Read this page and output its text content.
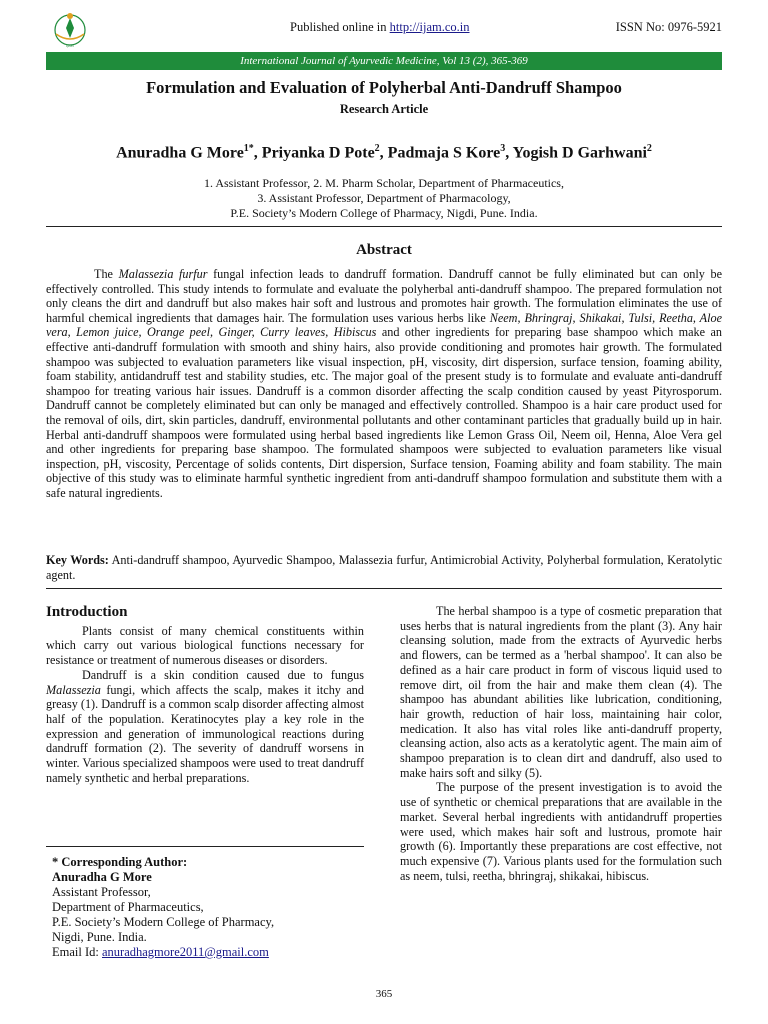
IJAM
Published online in http://ijam.co.in	ISSN No: 0976-5921
International Journal of Ayurvedic Medicine, Vol 13 (2), 365-369
Formulation and Evaluation of Polyherbal Anti-Dandruff Shampoo
Research Article
Anuradha G More$^{1*}$, Priyanka D Pote$^2$, Padmaja S Kore$^3$, Yogish D Garhwani$^2$
1. Assistant Professor, 2. M. Pharm Scholar, Department of Pharmaceutics,
3. Assistant Professor, Department of Pharmacology,
P.E. Society’s Modern College of Pharmacy, Nigdi, Pune. India.
Abstract
The Malassezia furfur fungal infection leads to dandruff formation. Dandruff cannot be fully eliminated but can only be effectively controlled. This study intends to formulate and evaluate the polyherbal anti-dandruff shampoo. The prepared formulation not only cleans the dirt and dandruff but also makes hair soft and lustrous and promotes hair growth. The formulation eliminates the use of harmful chemical ingredients that damages hair. The formulation uses various herbs like Neem, Bhringraj, Shikakai, Tulsi, Reetha, Aloe vera, Lemon juice, Orange peel, Ginger, Curry leaves, Hibiscus and other ingredients for preparing base shampoo which make an effective anti-dandruff formulation with smooth and shiny hairs, also provide conditioning and promotes hair growth. The formulated shampoo was subjected to evaluation parameters like visual inspection, pH, viscosity, dirt dispersion, surface tension, foaming ability, foam stability, antidandruff test and stability studies, etc. The major goal of the present study is to formulate and evaluate anti-dandruff shampoo for treating various hair issues. Dandruff is a common disorder affecting the scalp condition caused by yeast Pityrosporum. Dandruff cannot be completely eliminated but can only be managed and effectively controlled. Shampoo is a hair care product used for the removal of oils, dirt, skin particles, dandruff, environmental pollutants and other contaminant particles that gradually build up in hair. Herbal anti-dandruff shampoos were formulated using herbal based ingredients like Lemon Grass Oil, Neem oil, Henna, Aloe Vera gel and other ingredients for preparing base shampoo. The formulated shampoos were subjected to evaluation parameters like visual inspection, pH, viscosity, Percentage of solids contents, Dirt dispersion, Surface tension, Foaming ability and foam stability. The main objective of this study was to eliminate harmful synthetic ingredient from anti-dandruff shampoo formulation and substitute them with a safe natural ingredients.
Key Words: Anti-dandruff shampoo, Ayurvedic Shampoo, Malassezia furfur, Antimicrobial Activity, Polyherbal formulation, Keratolytic agent.
Introduction

Plants consist of many chemical constituents within which carry out various biological functions necessary for resistance or treatment of numerous diseases or disorders.

Dandruff is a skin condition caused due to fungus Malassezia fungi, which affects the scalp, makes it itchy and greasy (1). Dandruff is a common scalp disorder affecting almost half of the population. Keratinocytes play a key role in the expression and generation of immunological reactions during dandruff formation (2). The severity of dandruff worsens in winter. Various specialized shampoos were used to treat dandruff namely synthetic and herbal preparations.

* Corresponding Author:
Anuradha G More
Assistant Professor,
Department of Pharmaceutics,
P.E. Society’s Modern College of Pharmacy,
Nigdi, Pune. India.
Email Id: anuradhagmore2011@gmail.com

The herbal shampoo is a type of cosmetic preparation that uses herbs that is natural ingredients from the plant (3). Any hair cleansing solution, made from the extracts of Ayurvedic herbs and flowers, can be termed as a 'herbal shampoo'. It can also be defined as a hair care product in form of viscous liquid used to remove dirt, oil from the hair and make them clean (4). The shampoo has abundant abilities like lubrication, conditioning, hair growth, reduction of hair loss, maintaining hair color, medication. It also has vital roles like anti-dandruff property, cleansing action, also acts as a keratolytic agent. The main aim of shampoo preparation is to clean dirt and dandruff, also used to make hairs soft and silky (5).

The purpose of the present investigation is to avoid the use of synthetic or chemical preparations that are available in the market. Several herbal ingredients with antidandruff properties were used, which makes hair soft and lustrous, promote hair growth (6). Importantly these preparations are cost effective, not much expensive (7). Various plants used for the formulation such as neem, tulsi, reetha, bhringraj, shikakai, hibiscus.

365
